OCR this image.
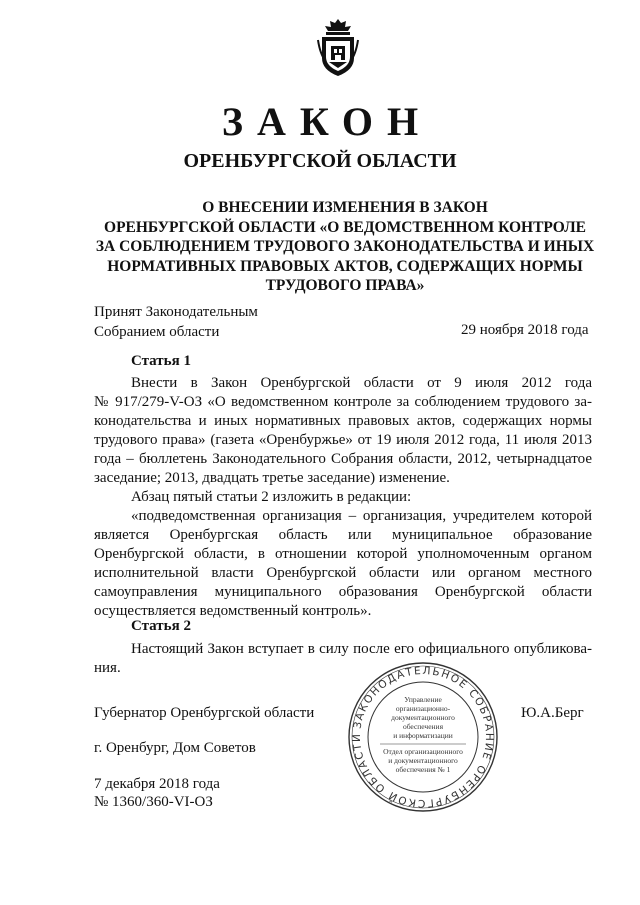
ЗАКОН
ОРЕНБУРГСКОЙ ОБЛАСТИ
О ВНЕСЕНИИ ИЗМЕНЕНИЯ В ЗАКОН
ОРЕНБУРГСКОЙ ОБЛАСТИ «О ВЕДОМСТВЕННОМ КОНТРОЛЕ
ЗА СОБЛЮДЕНИЕМ ТРУДОВОГО ЗАКОНОДАТЕЛЬСТВА И ИНЫХ
НОРМАТИВНЫХ ПРАВОВЫХ АКТОВ, СОДЕРЖАЩИХ НОРМЫ
ТРУДОВОГО ПРАВА»
Принят Законодательным
Собранием области	29 ноября 2018 года
Статья 1
Внести в Закон Оренбургской области от 9 июля 2012 года
№ 917/279-V-ОЗ «О ведомственном контроле за соблюдением трудового за-
конодательства и иных нормативных правовых актов, содержащих нормы
трудового права» (газета «Оренбуржье» от 19 июля 2012 года, 11 июля 2013
года – бюллетень Законодательного Собрания области, 2012, четырнадцатое
заседание; 2013, двадцать третье заседание) изменение.
Абзац пятый статьи 2 изложить в редакции:
«подведомственная организация – организация, учредителем которой
является Оренбургская область или муниципальное образование
Оренбургской области, в отношении которой уполномоченным органом
исполнительной власти Оренбургской области или органом местного
самоуправления муниципального образования Оренбургской области
осуществляется ведомственный контроль».
Статья 2
Настоящий Закон вступает в силу после его официального опубликова-
ния.
Губернатор Оренбургской области	Ю.А.Берг
г. Оренбург, Дом Советов
7 декабря 2018 года
№ 1360/360-VI-ОЗ
ЗАКОНОДАТЕЛЬНОЕ СОБРАНИЕ ОРЕНБУРГСКОЙ ОБЛАСТИ
Управление
организационно-
документационного
обеспечения
и информатизации
Отдел организационного
и документационного
обеспечения № 1
